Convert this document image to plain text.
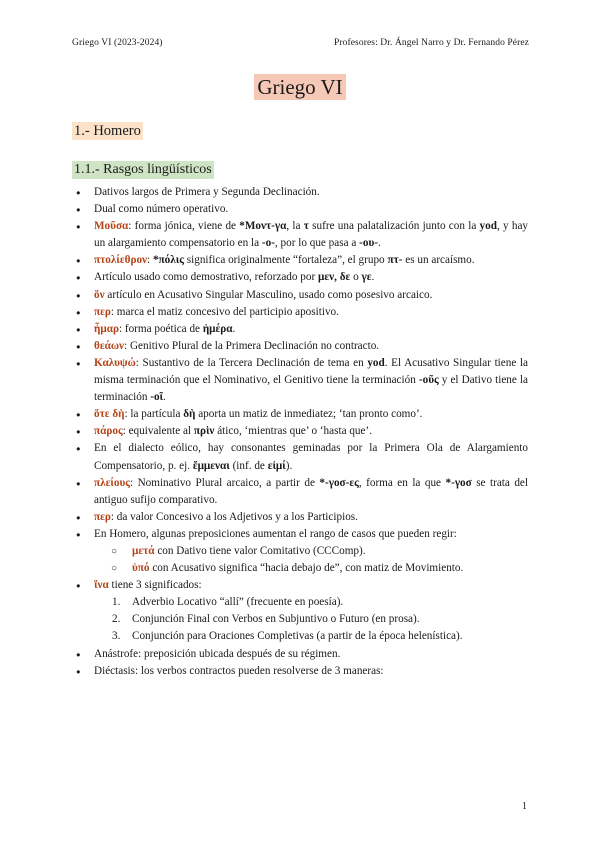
Griego VI (2023-2024)	Profesores: Dr. Ángel Narro y Dr. Fernando Pérez
Griego VI
1.- Homero
1.1.- Rasgos lingüísticos
● Dativos largos de Primera y Segunda Declinación.
● Dual como número operativo.
● Μοῦσα: forma jónica, viene de *Μοντ-γα, la τ sufre una palatalización junto con la yod, y hay un alargamiento compensatorio en la -ο-, por lo que pasa a -ου-.
● πτολίεθρον: *πόλις significa originalmente “fortaleza”, el grupo πτ- es un arcaísmo.
● Artículo usado como demostrativo, reforzado por μεν, δε o γε.
● ὅν artículo en Acusativo Singular Masculino, usado como posesivo arcaico.
● περ: marca el matiz concesivo del participio apositivo.
● ἦμαρ: forma poética de ἡμέρα.
● θεάων: Genitivo Plural de la Primera Declinación no contracto.
● Καλυψώ: Sustantivo de la Tercera Declinación de tema en yod. El Acusativo Singular tiene la misma terminación que el Nominativo, el Genitivo tiene la terminación -οῦς y el Dativo tiene la terminación -οῖ.
● ὅτε δὴ: la partícula δὴ aporta un matiz de inmediatez; ‘tan pronto como’.
● πάρος: equivalente al πρὶν ático, ‘mientras que’ o ‘hasta que’.
● En el dialecto eólico, hay consonantes geminadas por la Primera Ola de Alargamiento Compensatorio, p. ej. ἔμμεναι (inf. de εἰμί).
● πλείους: Nominativo Plural arcaico, a partir de *-γοσ-ες, forma en la que *-γοσ se trata del antiguo sufijo comparativo.
● περ: da valor Concesivo a los Adjetivos y a los Participios.
● En Homero, algunas preposiciones aumentan el rango de casos que pueden regir:
○ μετά con Dativo tiene valor Comitativo (CCComp).
○ ὑπό con Acusativo significa “hacia debajo de”, con matiz de Movimiento.
● ἵνα tiene 3 significados:
1. Adverbio Locativo “allí” (frecuente en poesía).
2. Conjunción Final con Verbos en Subjuntivo o Futuro (en prosa).
3. Conjunción para Oraciones Completivas (a partir de la época helenística).
● Anástrofe: preposición ubicada después de su régimen.
● Diéctasis: los verbos contractos pueden resolverse de 3 maneras:
1
